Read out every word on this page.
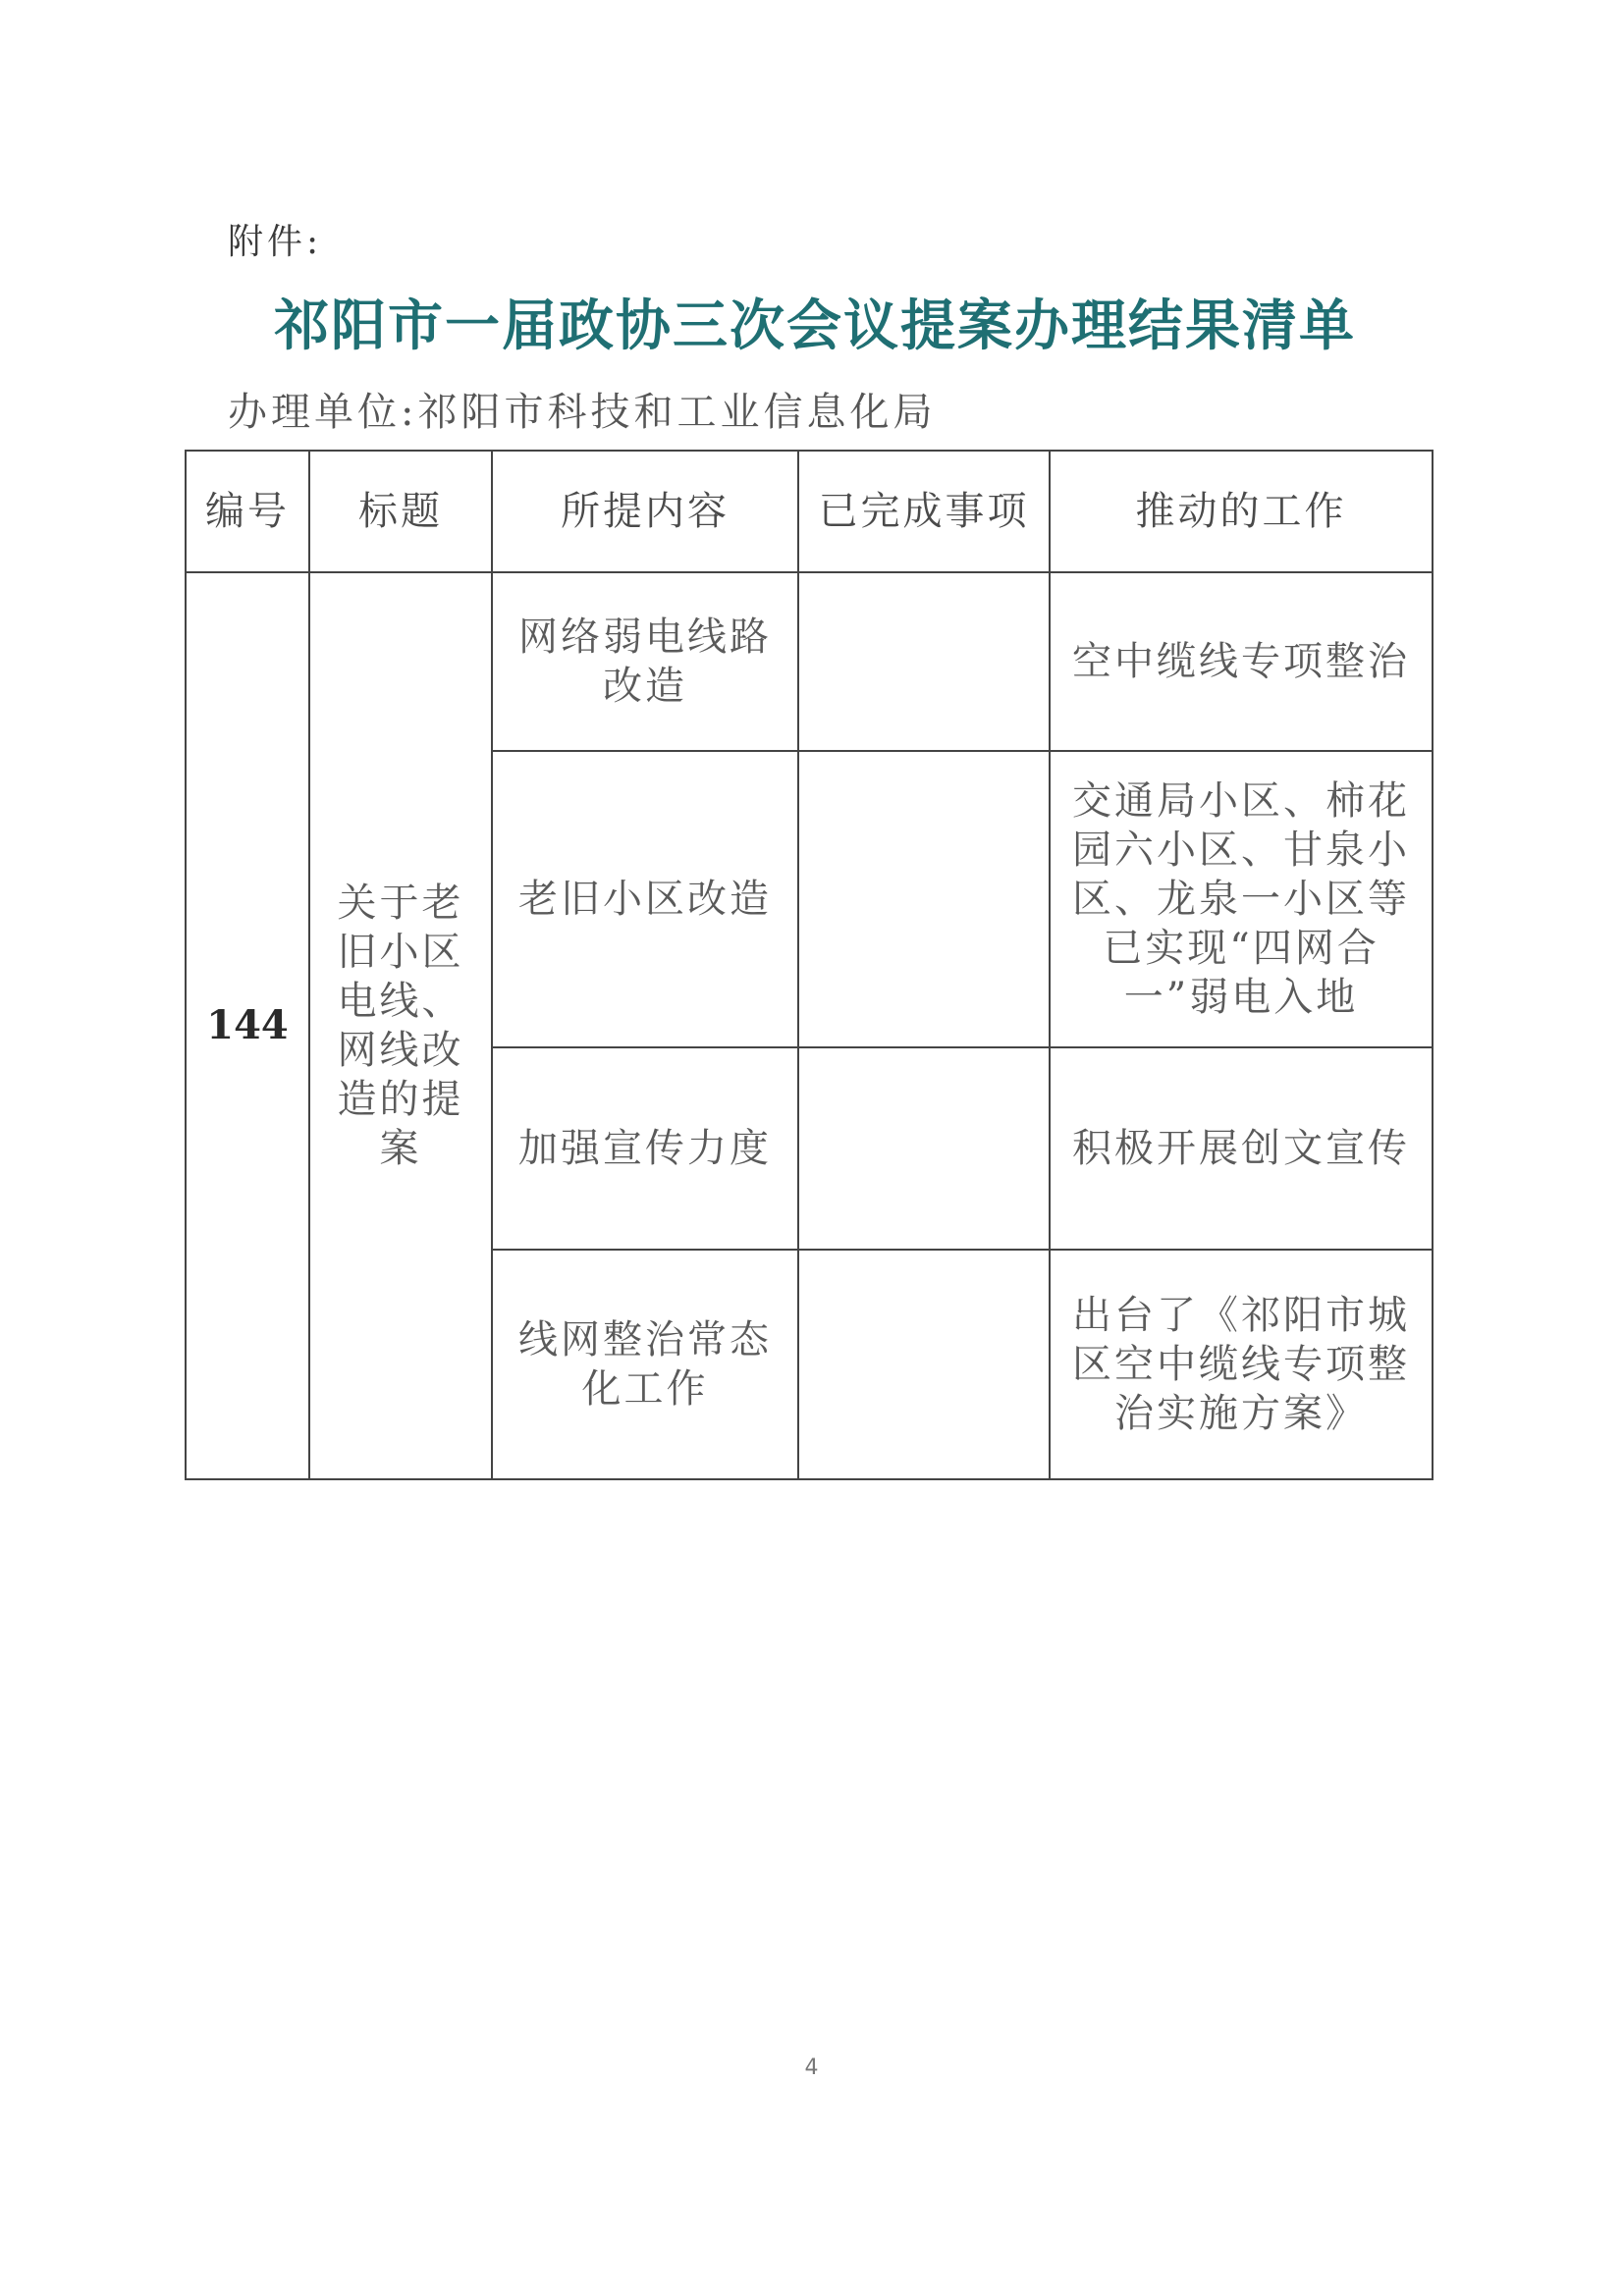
附件:
祁阳市一届政协三次会议提案办理结果清单
办理单位:祁阳市科技和工业信息化局
编号	标题	所提内容	已完成事项	推动的工作
144	关于老旧小区电线、网线改造的提案	网络弱电线路改造		空中缆线专项整治
		老旧小区改造		交通局小区、柿花园六小区、甘泉小区、龙泉一小区等已实现“四网合一”弱电入地
		加强宣传力度		积极开展创文宣传
		线网整治常态化工作		出台了《祁阳市城区空中缆线专项整治实施方案》
4
